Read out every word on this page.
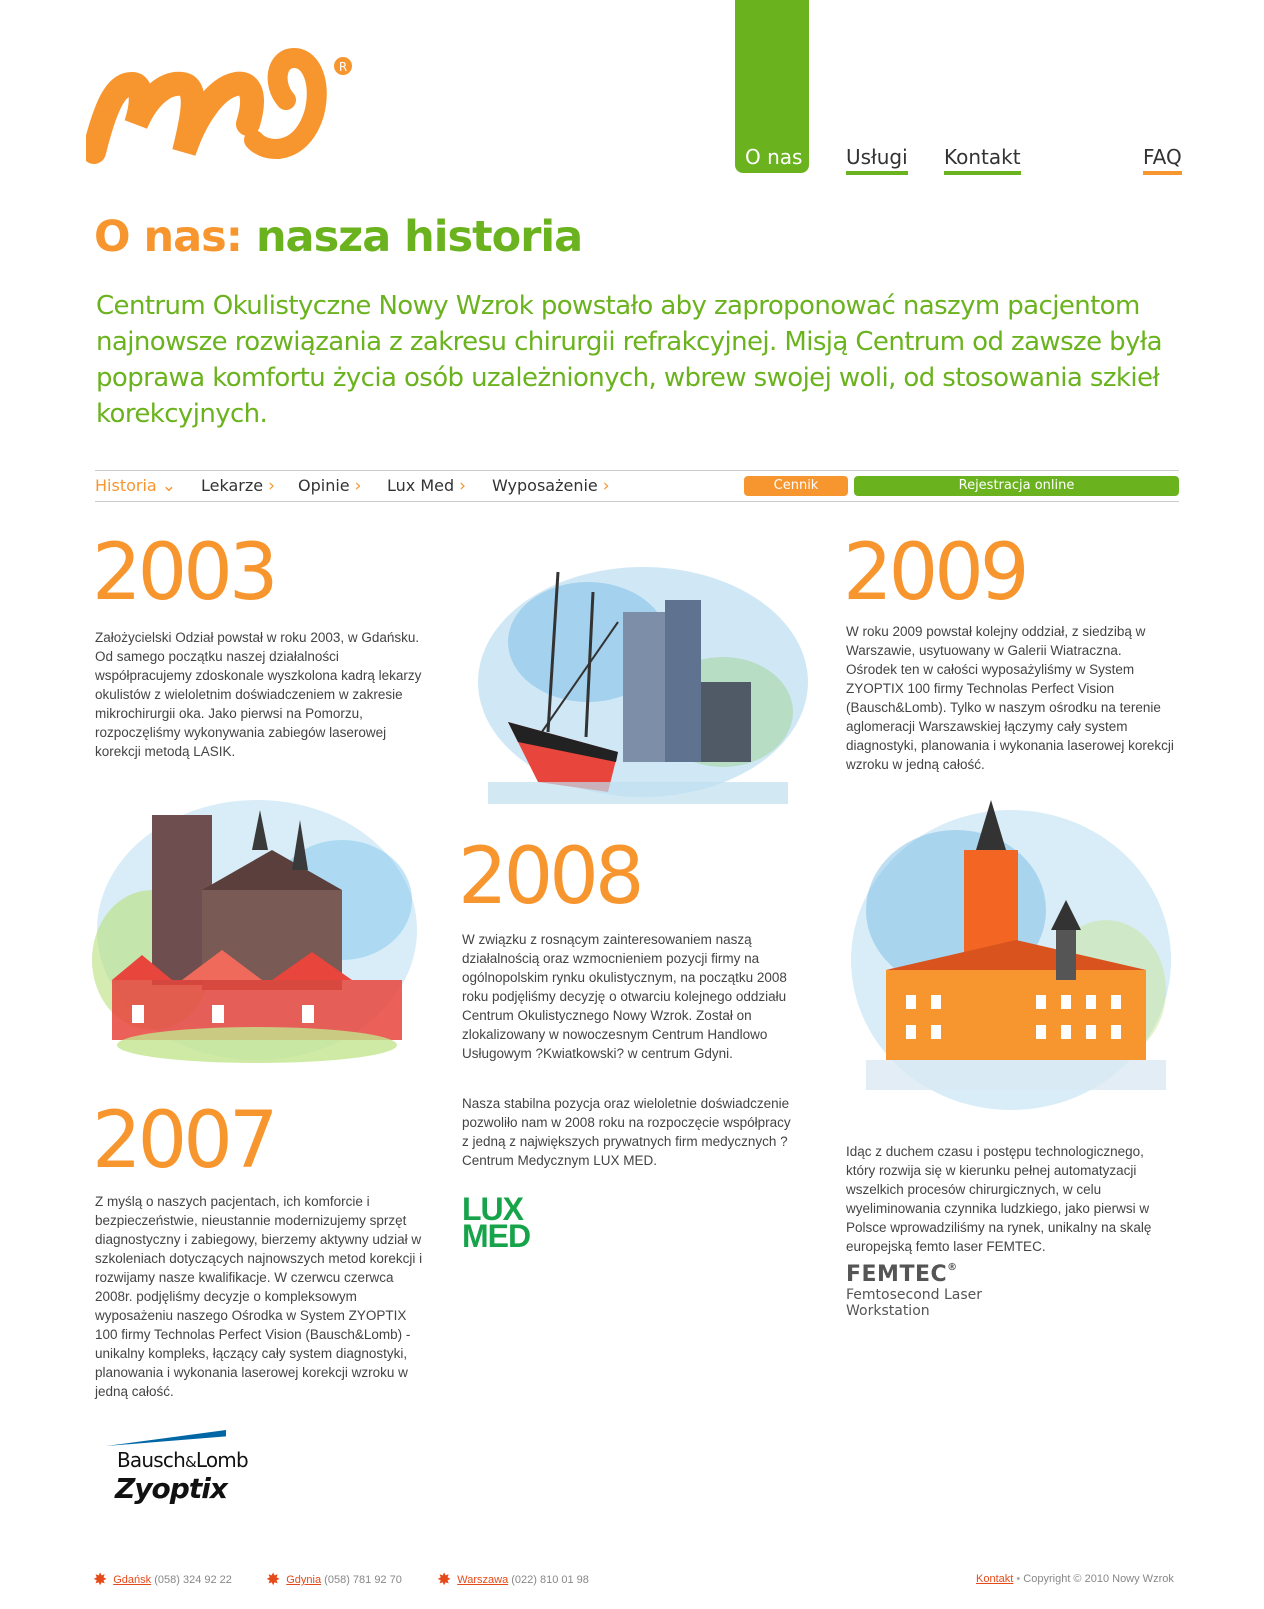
R
O nas Usługi Kontakt	FAQ
O nas: nasza historia

Centrum Okulistyczne Nowy Wzrok powstało aby zaproponować naszym pacjentom najnowsze rozwiązania z zakresu chirurgii refrakcyjnej. Misją Centrum od zawsze była poprawa komfortu życia osób uzależnionych, wbrew swojej woli, od stosowania szkieł korekcyjnych.

Historia ⌄ Lekarze › Opinie › Lux Med › Wyposażenie ›	Cennik	Rejestracja online
2003

Założycielski Odział powstał w roku 2003, w Gdańsku. Od samego początku naszej działalności współpracujemy zdoskonale wyszkolona kadrą lekarzy okulistów z wieloletnim doświadczeniem w zakresie mikrochirurgii oka. Jako pierwsi na Pomorzu, rozpoczęliśmy wykonywania zabiegów laserowej korekcji metodą LASIK.

2009

W roku 2009 powstał kolejny oddział, z siedzibą w Warszawie, usytuowany w Galerii Wiatraczna. Ośrodek ten w całości wyposażyliśmy w System ZYOPTIX 100 firmy Technolas Perfect Vision (Bausch&Lomb). Tylko w naszym ośrodku na terenie aglomeracji Warszawskiej łączymy cały system diagnostyki, planowania i wykonania laserowej korekcji wzroku w jedną całość.

2008

W związku z rosnącym zainteresowaniem naszą działalnością oraz wzmocnieniem pozycji firmy na ogólnopolskim rynku okulistycznym, na początku 2008 roku podjęliśmy decyzję o otwarciu kolejnego oddziału Centrum Okulistycznego Nowy Wzrok. Został on zlokalizowany w nowoczesnym Centrum Handlowo Usługowym ?Kwiatkowski? w centrum Gdyni.

Nasza stabilna pozycja oraz wieloletnie doświadczenie pozwoliło nam w 2008 roku na rozpoczęcie współpracy z jedną z największych prywatnych firm medycznych ? Centrum Medycznym LUX MED.

2007

Z myślą o naszych pacjentach, ich komforcie i bezpieczeństwie, nieustannie modernizujemy sprzęt diagnostyczny i zabiegowy, bierzemy aktywny udział w szkoleniach dotyczących najnowszych metod korekcji i rozwijamy nasze kwalifikacje. W czerwcu czerwca 2008r. podjęliśmy decyzje o kompleksowym wyposażeniu naszego Ośrodka w System ZYOPTIX 100 firmy Technolas Perfect Vision (Bausch&Lomb) - unikalny kompleks, łączący cały system diagnostyki, planowania i wykonania laserowej korekcji wzroku w jedną całość.

Idąc z duchem czasu i postępu technologicznego, który rozwija się w kierunku pełnej automatyzacji wszelkich procesów chirurgicznych, w celu wyeliminowania czynnika ludzkiego, jako pierwsi w Polsce wprowadziliśmy na rynek, unikalny na skalę europejską femto laser FEMTEC.

LUX
MED
FEMTEC®
Femtosecond Laser
Workstation
Bausch&Lomb
Zyoptix
✸ Gdańsk (058) 324 92 22 ✸ Gdynia (058) 781 92 70 ✸ Warszawa (022) 810 01 98	Kontakt • Copyright © 2010 Nowy Wzrok
